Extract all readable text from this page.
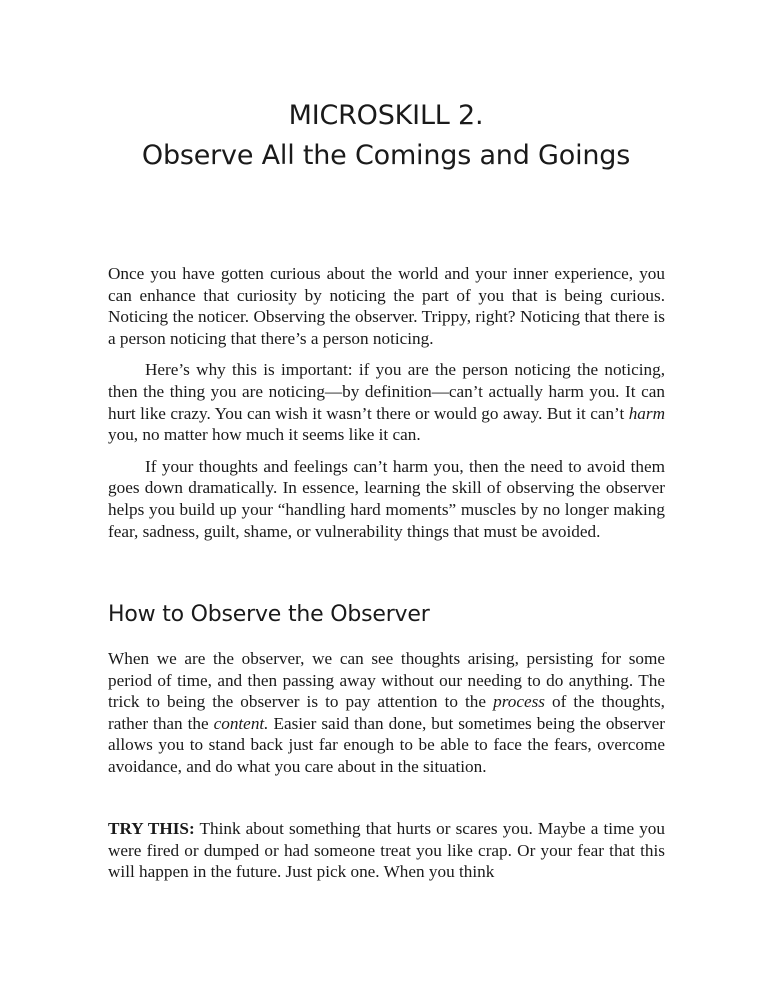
MICROSKILL 2.
Observe All the Comings and Goings

Once you have gotten curious about the world and your inner experience, you can enhance that curiosity by noticing the part of you that is being curious. Noticing the noticer. Observing the observer. Trippy, right? Noticing that there is a person noticing that there’s a person noticing.

Here’s why this is important: if you are the person noticing the noticing, then the thing you are noticing—by definition—can’t actually harm you. It can hurt like crazy. You can wish it wasn’t there or would go away. But it can’t harm you, no matter how much it seems like it can.

If your thoughts and feelings can’t harm you, then the need to avoid them goes down dramatically. In essence, learning the skill of observing the observer helps you build up your “handling hard moments” muscles by no longer making fear, sadness, guilt, shame, or vulnerability things that must be avoided.

How to Observe the Observer

When we are the observer, we can see thoughts arising, persisting for some period of time, and then passing away without our needing to do anything. The trick to being the observer is to pay attention to the process of the thoughts, rather than the content. Easier said than done, but sometimes being the observer allows you to stand back just far enough to be able to face the fears, overcome avoidance, and do what you care about in the situation.

TRY THIS: Think about something that hurts or scares you. Maybe a time you were fired or dumped or had someone treat you like crap. Or your fear that this will happen in the future. Just pick one. When you think
